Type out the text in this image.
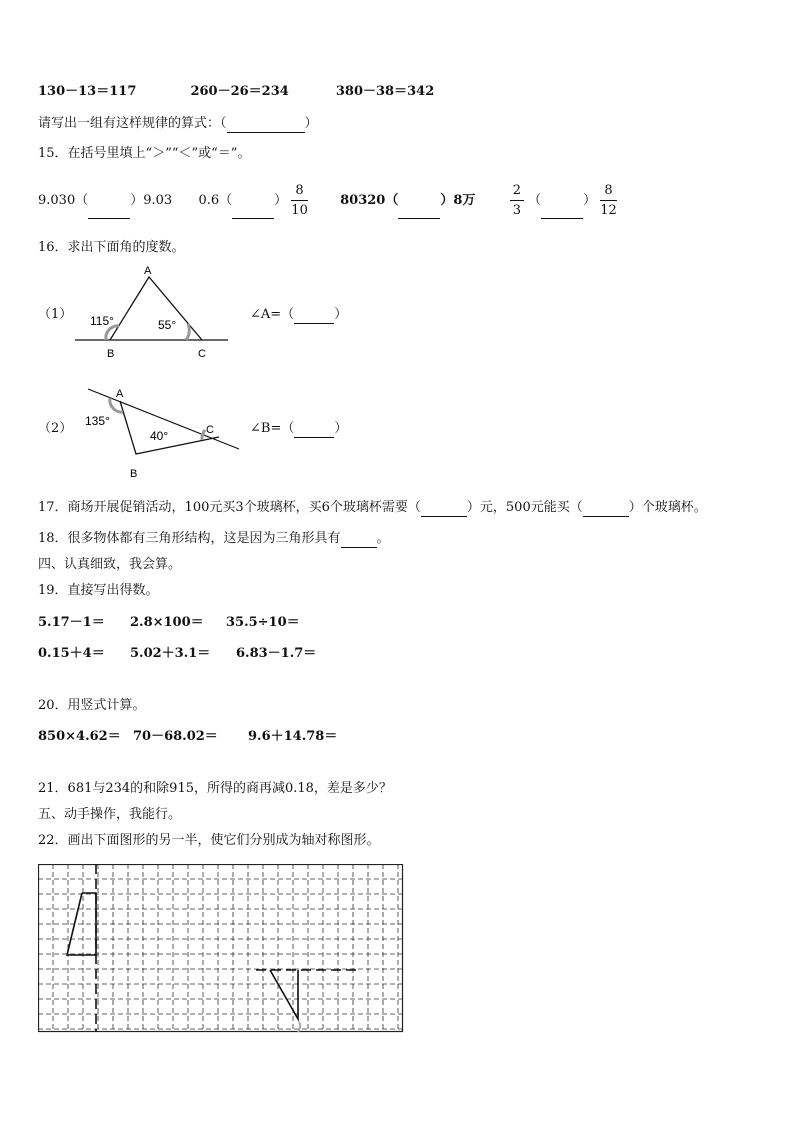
130－13＝117	260－26＝234	380－38＝342
请写出一组有这样规律的算式：（	）
15．在括号里填上“＞”“＜”或“＝”。
9.030（	）9.03 0.6（	） $\frac{8}{10} 80320$（	）8万	$\frac{2}{3}$ （	） $\frac{8}{12}$
16．求出下面角的度数。
（1）
A
B	C
115°	55°
∠A=（	）
（2）
A
B
C
135°
40°	∠B=（	）
17．商场开展促销活动，100元买3个玻璃杯，买6个玻璃杯需要（	）元，500元能买（	）个玻璃杯。
18．很多物体都有三角形结构，这是因为三角形具有	。
四、认真细致，我会算。
19．直接写出得数。
5.17－1＝ 2.8×100＝ 35.5÷10＝
0.15＋4＝ 5.02＋3.1＝ 6.83－1.7＝
20．用竖式计算。
850×4.62＝ 70－68.02＝ 9.6＋14.78＝
21．681与234的和除915，所得的商再减0.18，差是多少？
五、动手操作，我能行。
22．画出下面图形的另一半，使它们分别成为轴对称图形。
